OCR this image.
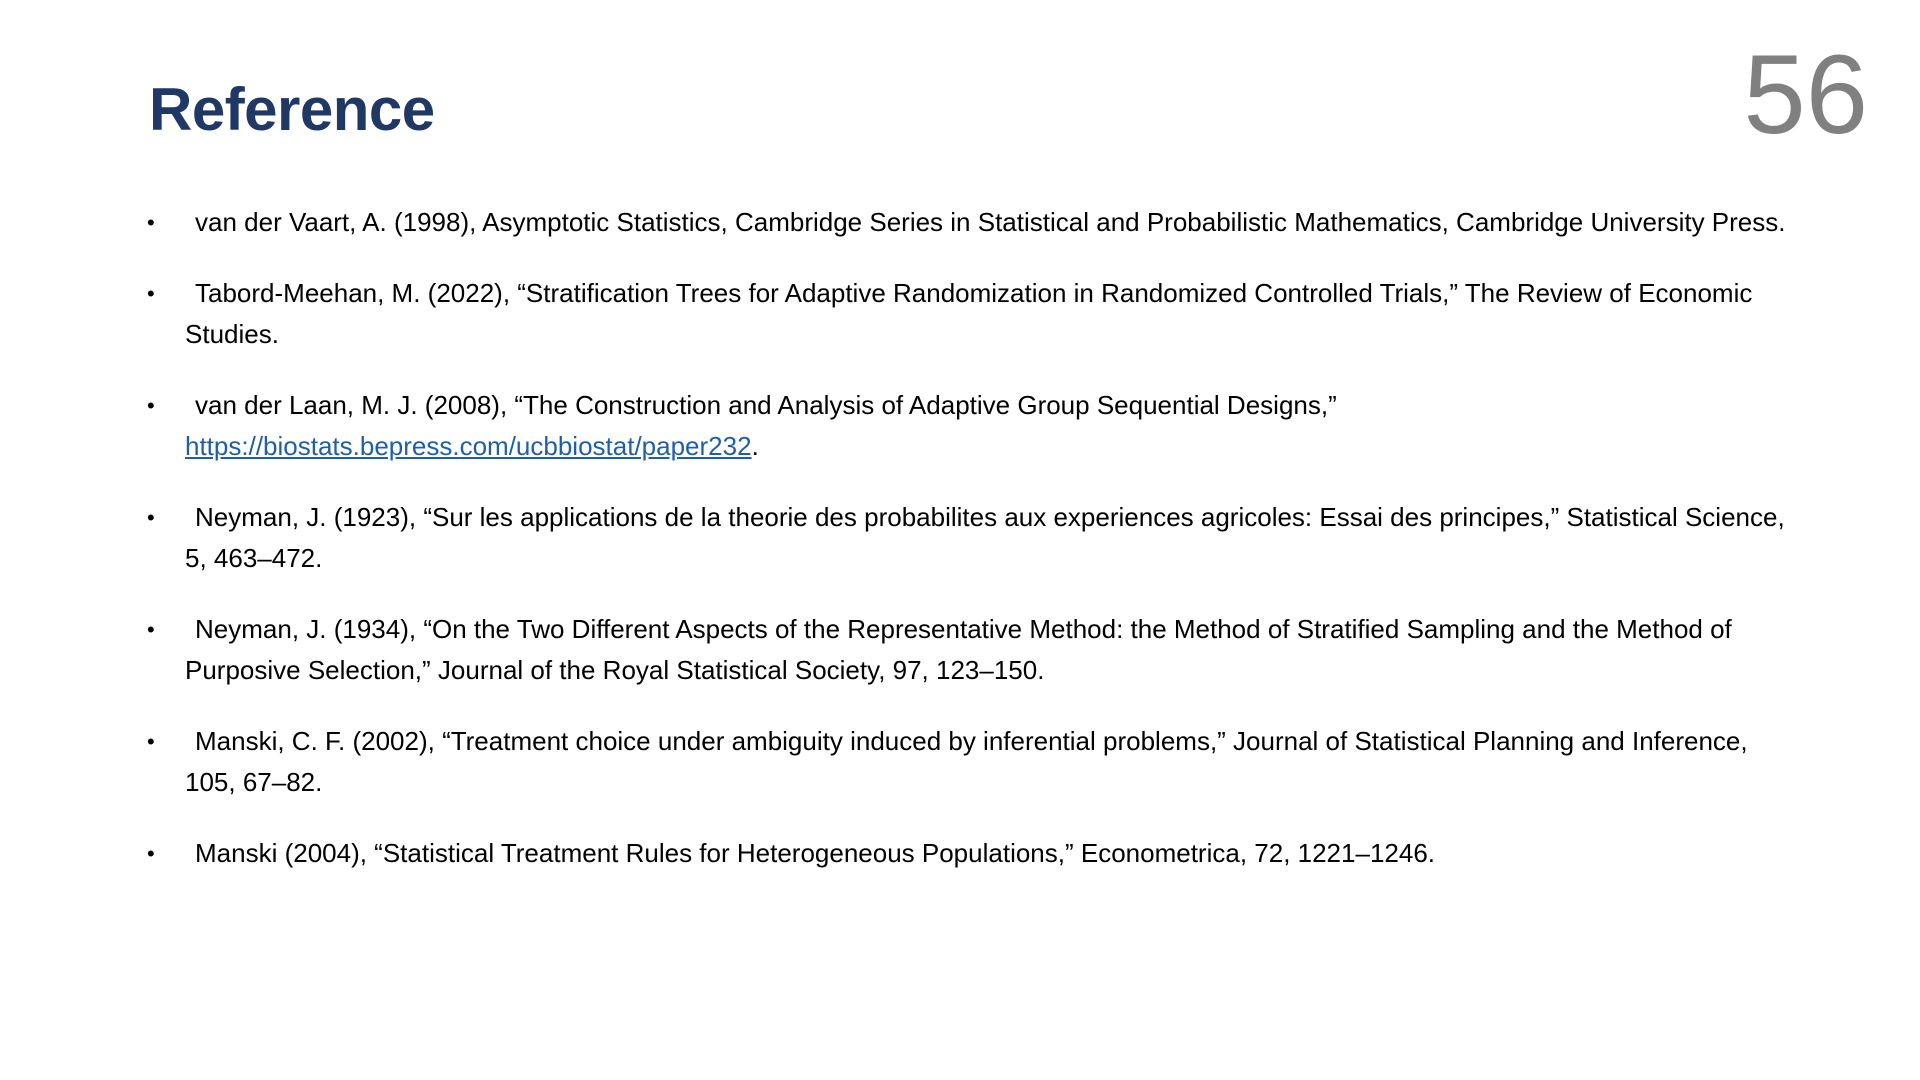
Reference	56
• van der Vaart, A. (1998), Asymptotic Statistics, Cambridge Series in Statistical and Probabilistic Mathematics, Cambridge University Press.
• Tabord-Meehan, M. (2022), “Stratification Trees for Adaptive Randomization in Randomized Controlled Trials,” The Review of Economic Studies.
• van der Laan, M. J. (2008), “The Construction and Analysis of Adaptive Group Sequential Designs,” https://biostats.bepress.com/ucbbiostat/paper232.
• Neyman, J. (1923), “Sur les applications de la theorie des probabilites aux experiences agricoles: Essai des principes,” Statistical Science, 5, 463–472.
• Neyman, J. (1934), “On the Two Different Aspects of the Representative Method: the Method of Stratified Sampling and the Method of Purposive Selection,” Journal of the Royal Statistical Society, 97, 123–150.
• Manski, C. F. (2002), “Treatment choice under ambiguity induced by inferential problems,” Journal of Statistical Planning and Inference, 105, 67–82.
• Manski (2004), “Statistical Treatment Rules for Heterogeneous Populations,” Econometrica, 72, 1221–1246.
